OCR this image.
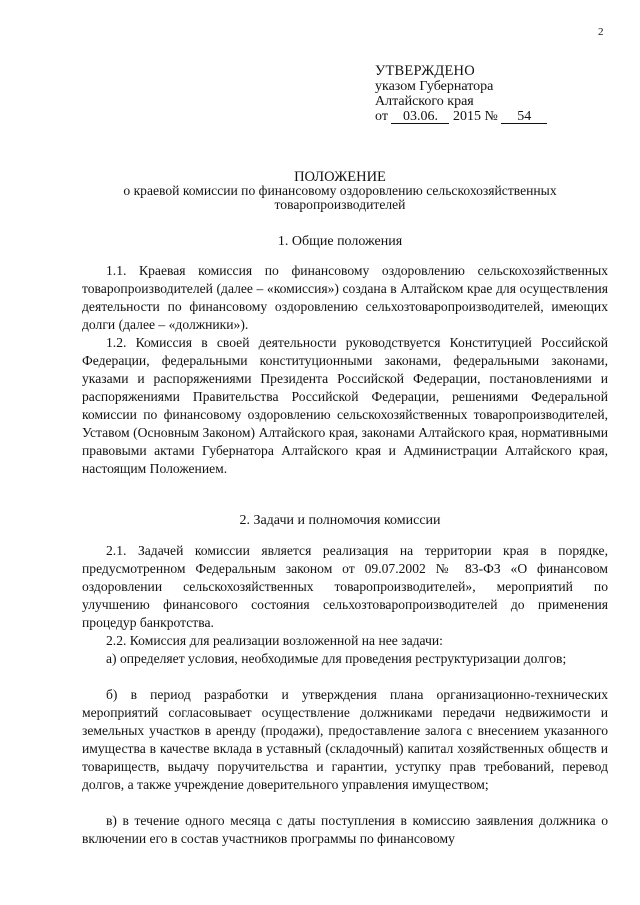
2
УТВЕРЖДЕНО
указом Губернатора
Алтайского края
от 03.06. 2015 № 54
ПОЛОЖЕНИЕ
о краевой комиссии по финансовому оздоровлению сельскохозяйственных
товаропроизводителей
1. Общие положения
1.1. Краевая комиссия по финансовому оздоровлению сельскохозяйственных товаропроизводителей (далее – «комиссия») создана в Алтайском крае для осуществления деятельности по финансовому оздоровлению сельхозтоваропроизводителей, имеющих долги (далее – «должники»).
1.2. Комиссия в своей деятельности руководствуется Конституцией Российской Федерации, федеральными конституционными законами, федеральными законами, указами и распоряжениями Президента Российской Федерации, постановлениями и распоряжениями Правительства Российской Федерации, решениями Федеральной комиссии по финансовому оздоровлению сельскохозяйственных товаропроизводителей, Уставом (Основным Законом) Алтайского края, законами Алтайского края, нормативными правовыми актами Губернатора Алтайского края и Администрации Алтайского края, настоящим Положением.
2. Задачи и полномочия комиссии
2.1. Задачей комиссии является реализация на территории края в порядке, предусмотренном Федеральным законом от 09.07.2002 № 83-ФЗ «О финансовом оздоровлении сельскохозяйственных товаропроизводителей», мероприятий по улучшению финансового состояния сельхозтоваропроизводителей до применения процедур банкротства.
2.2. Комиссия для реализации возложенной на нее задачи:
а) определяет условия, необходимые для проведения реструктуризации долгов;
б) в период разработки и утверждения плана организационно-технических мероприятий согласовывает осуществление должниками передачи недвижимости и земельных участков в аренду (продажи), предоставление залога с внесением указанного имущества в качестве вклада в уставный (складочный) капитал хозяйственных обществ и товариществ, выдачу поручительства и гарантии, уступку прав требований, перевод долгов, а также учреждение доверительного управления имуществом;
в) в течение одного месяца с даты поступления в комиссию заявления должника о включении его в состав участников программы по финансовому
